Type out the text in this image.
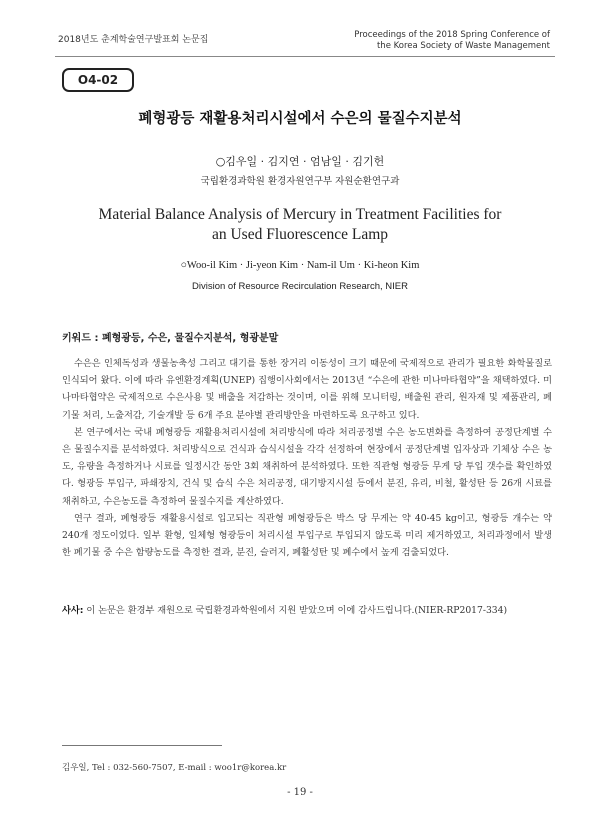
2018년도 춘계학술연구발표회 논문집	Proceedings of the 2018 Spring Conference of
the Korea Society of Waste Management
O4-02
폐형광등 재활용처리시설에서 수은의 물질수지분석
○김우일 · 김지연 · 엄남일 · 김기헌
국립환경과학원 환경자원연구부 자원순환연구과
Material Balance Analysis of Mercury in Treatment Facilities for
an Used Fluorescence Lamp
○Woo-il Kim · Ji-yeon Kim · Nam-il Um · Ki-heon Kim
Division of Resource Recirculation Research, NIER
키워드 : 폐형광등, 수은, 물질수지분석, 형광분말

수은은 인체독성과 생물농축성 그리고 대기를 통한 장거리 이동성이 크기 때문에 국제적으로 관리가 필요한 화학물질로 인식되어 왔다. 이에 따라 유엔환경계획(UNEP) 집행이사회에서는 2013년 “수은에 관한 미나마타협약”을 채택하였다. 미나마타협약은 국제적으로 수은사용 및 배출을 저감하는 것이며, 이를 위해 모니터링, 배출원 관리, 원자재 및 제품관리, 폐기물 처리, 노출저감, 기술개발 등 6개 주요 분야별 관리방안을 마련하도록 요구하고 있다.

본 연구에서는 국내 폐형광등 재활용처리시설에 처리방식에 따라 처리공정별 수은 농도변화를 측정하여 공정단계별 수은 물질수지를 분석하였다. 처리방식으로 건식과 습식시설을 각각 선정하여 현장에서 공정단계별 입자상과 기체상 수은 농도, 유량을 측정하거나 시료를 일정시간 동안 3회 채취하여 분석하였다. 또한 직관형 형광등 무게 당 투입 갯수를 확인하였다. 형광등 투입구, 파쇄장치, 건식 및 습식 수은 처리공정, 대기방지시설 등에서 분진, 유리, 비철, 활성탄 등 26개 시료를 채취하고, 수은농도를 측정하여 물질수지를 계산하였다.

연구 결과, 폐형광등 재활용시설로 입고되는 직관형 폐형광등은 박스 당 무게는 약 40-45 kg이고, 형광등 개수는 약 240개 정도이었다. 일부 환형, 일체형 형광등이 처리시설 투입구로 투입되지 않도록 미리 제거하였고, 처리과정에서 발생한 폐기물 중 수은 함량농도를 측정한 결과, 분진, 슬러지, 폐활성탄 및 폐수에서 높게 검출되었다.

사사: 이 논문은 환경부 재원으로 국립환경과학원에서 지원 받았으며 이에 감사드립니다.(NIER-RP2017-334)
김우일, Tel : 032-560-7507, E-mail : woo1r@korea.kr
- 19 -
